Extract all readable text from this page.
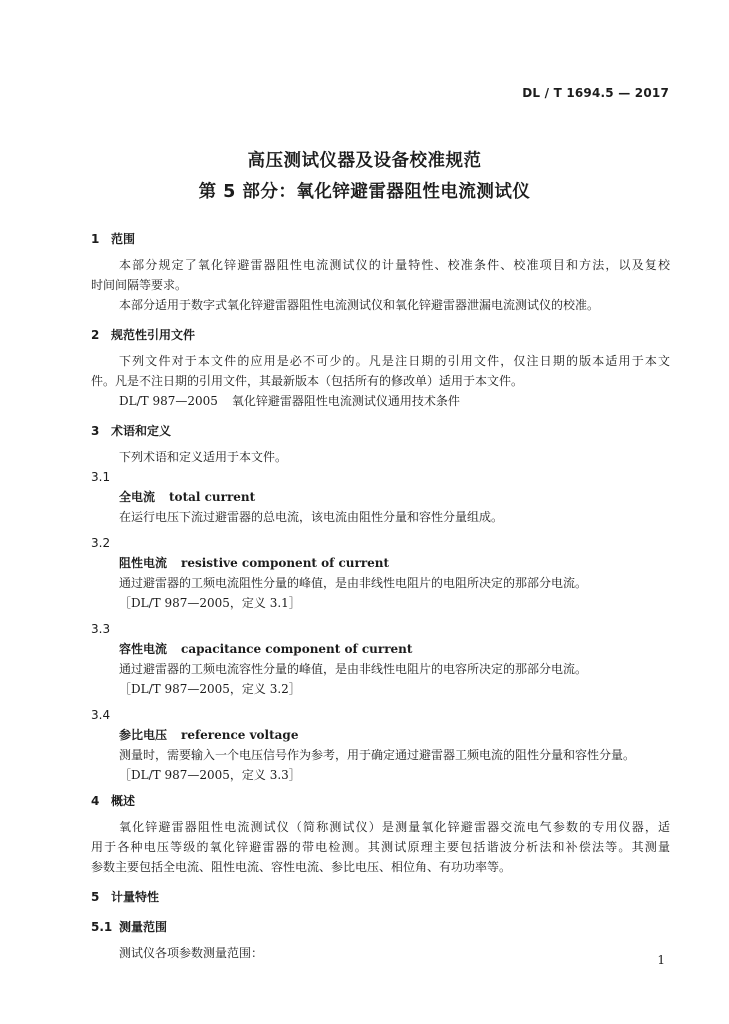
DL / T 1694.5 — 2017
高压测试仪器及设备校准规范
第 5 部分：氧化锌避雷器阻性电流测试仪
1 范围
本部分规定了氧化锌避雷器阻性电流测试仪的计量特性、校准条件、校准项目和方法，以及复校
时间间隔等要求。
本部分适用于数字式氧化锌避雷器阻性电流测试仪和氧化锌避雷器泄漏电流测试仪的校准。
2 规范性引用文件
下列文件对于本文件的应用是必不可少的。凡是注日期的引用文件，仅注日期的版本适用于本文
件。凡是不注日期的引用文件，其最新版本（包括所有的修改单）适用于本文件。
DL/T 987—2005 氧化锌避雷器阻性电流测试仪通用技术条件
3 术语和定义
下列术语和定义适用于本文件。
3.1
全电流 total current
在运行电压下流过避雷器的总电流，该电流由阻性分量和容性分量组成。
3.2
阻性电流 resistive component of current
通过避雷器的工频电流阻性分量的峰值，是由非线性电阻片的电阻所决定的那部分电流。
［DL/T 987—2005，定义 3.1］
3.3
容性电流 capacitance component of current
通过避雷器的工频电流容性分量的峰值，是由非线性电阻片的电容所决定的那部分电流。
［DL/T 987—2005，定义 3.2］
3.4
参比电压 reference voltage
测量时，需要输入一个电压信号作为参考，用于确定通过避雷器工频电流的阻性分量和容性分量。
［DL/T 987—2005，定义 3.3］
4 概述
氧化锌避雷器阻性电流测试仪（简称测试仪）是测量氧化锌避雷器交流电气参数的专用仪器，适
用于各种电压等级的氧化锌避雷器的带电检测。其测试原理主要包括谐波分析法和补偿法等。其测量
参数主要包括全电流、阻性电流、容性电流、参比电压、相位角、有功功率等。
5 计量特性
5.1 测量范围
测试仪各项参数测量范围：	1
